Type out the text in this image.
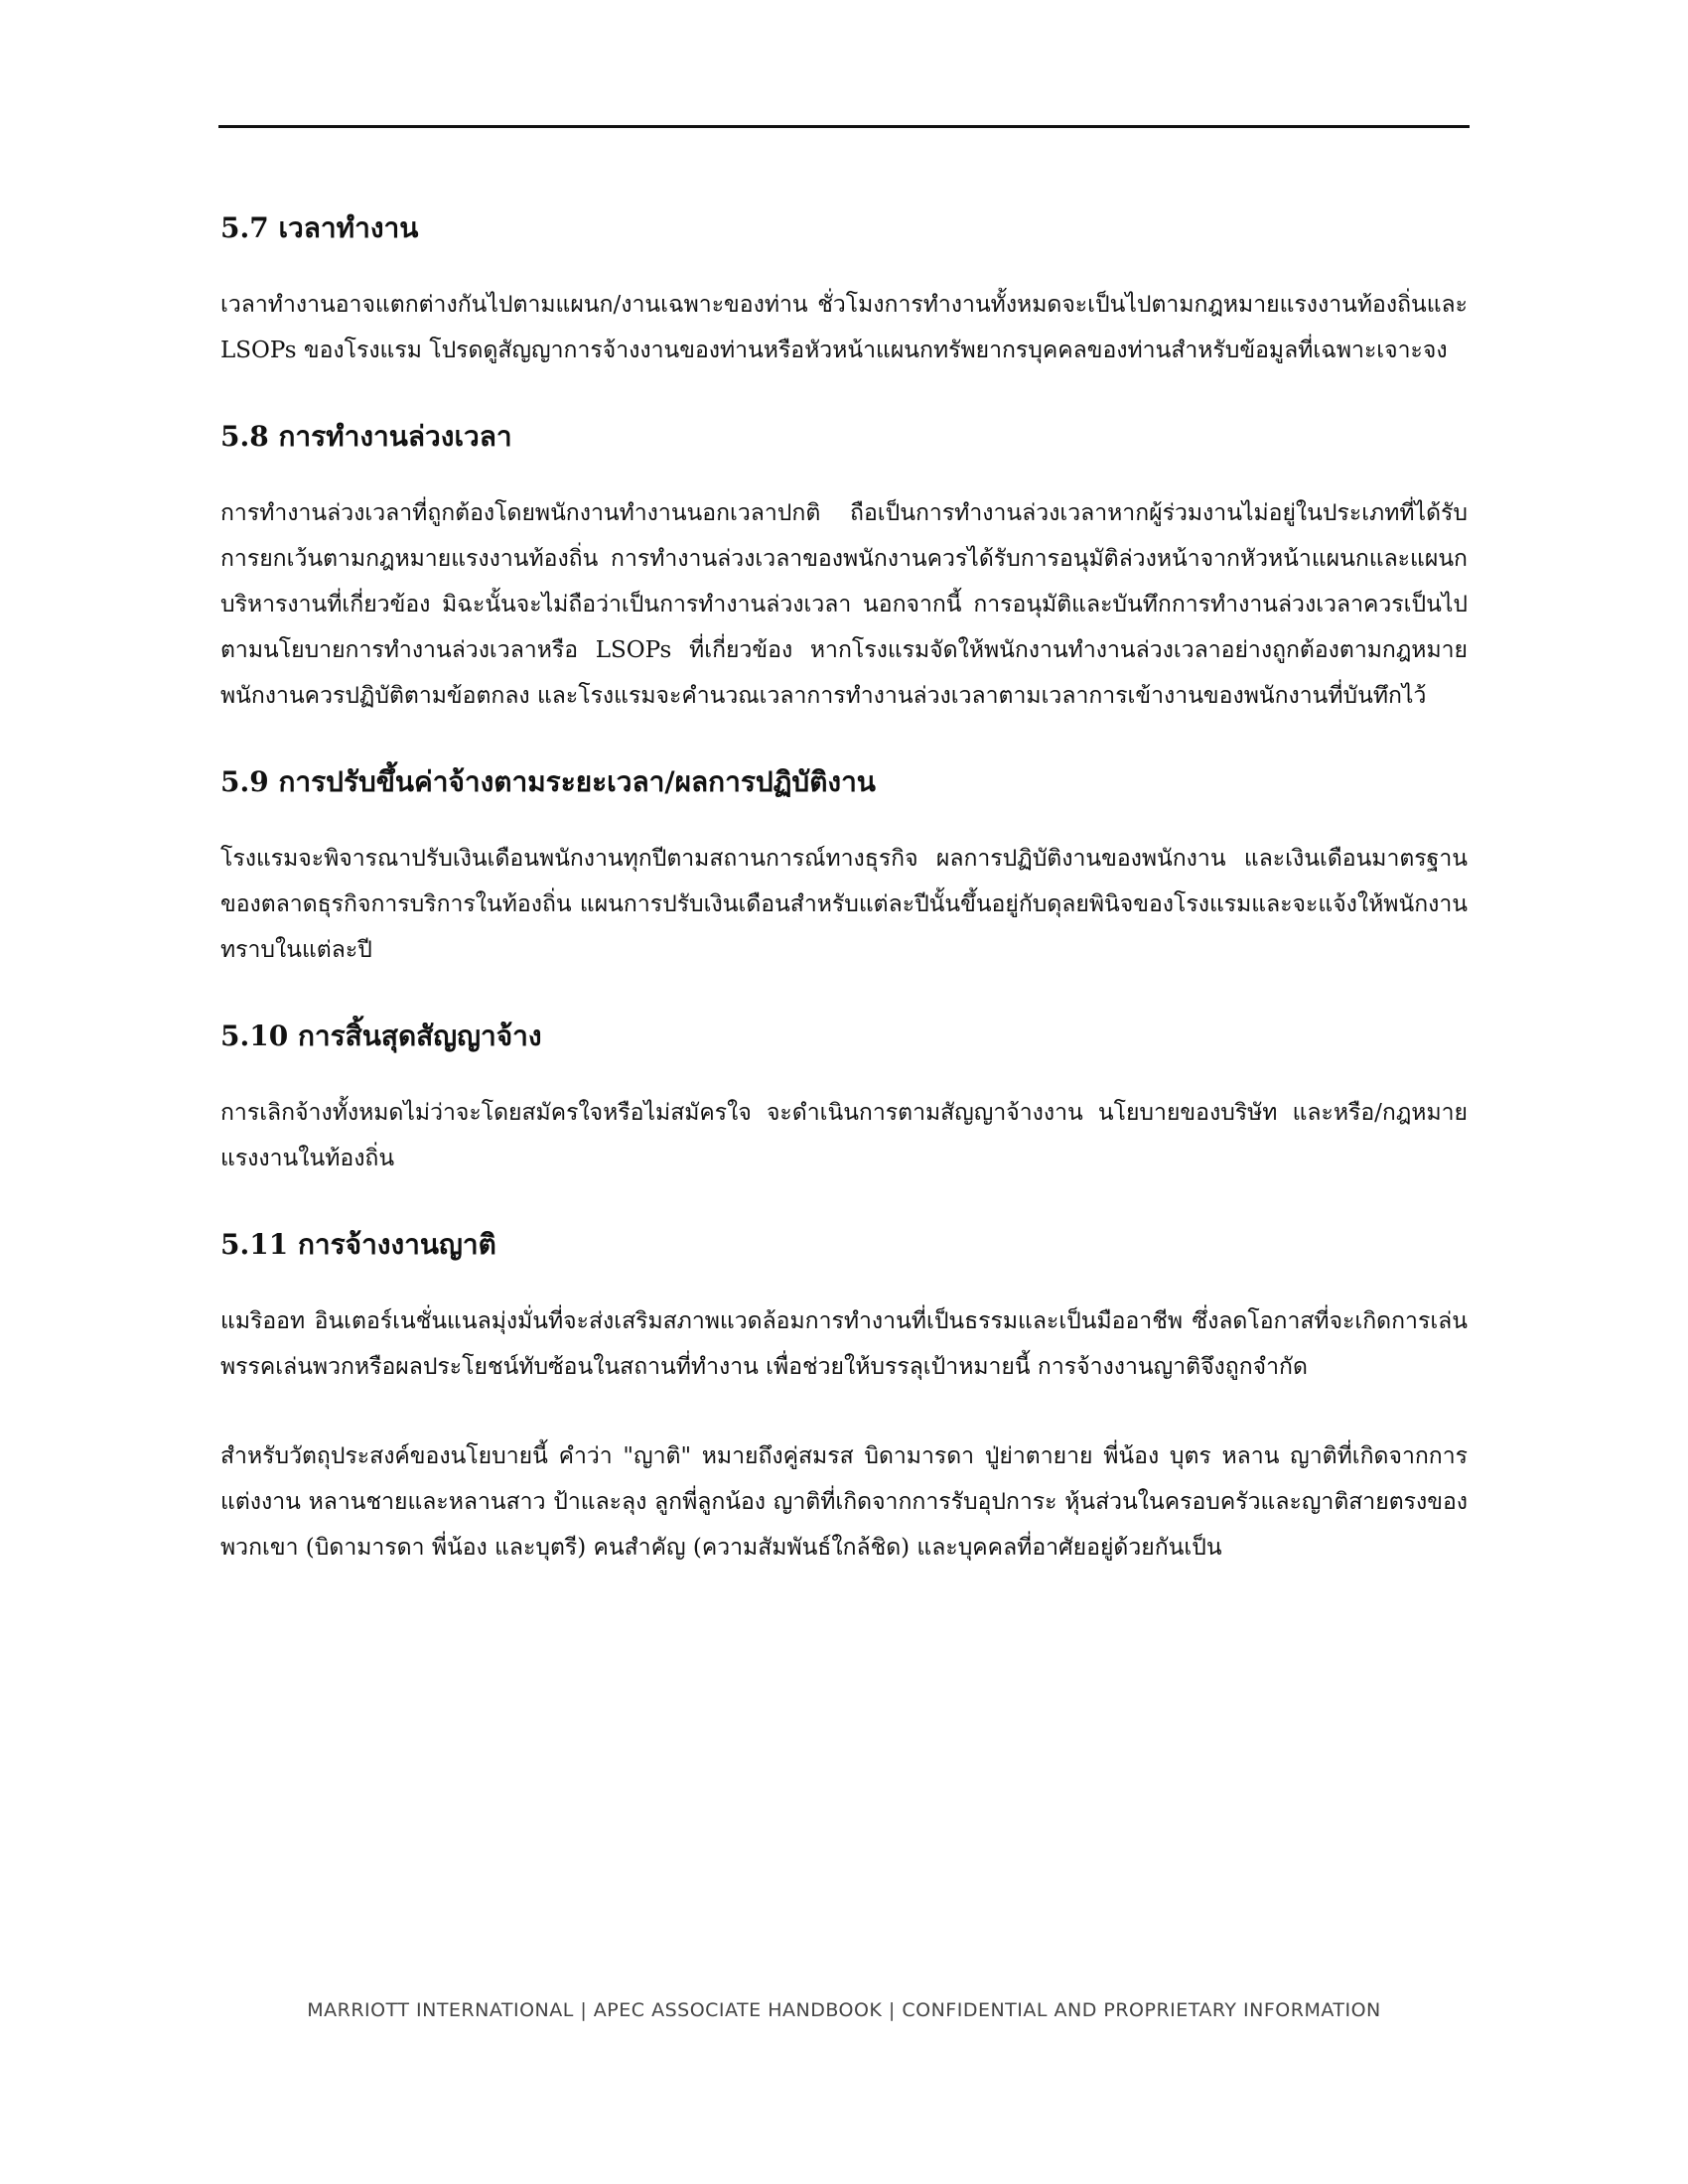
5.7 เวลาทำงาน

เวลาทำงานอาจแตกต่างกันไปตามแผนก/งานเฉพาะของท่าน ชั่วโมงการทำงานทั้งหมดจะเป็นไปตามกฎหมายแรงงานท้องถิ่นและ LSOPs ของโรงแรม โปรดดูสัญญาการจ้างงานของท่านหรือหัวหน้าแผนกทรัพยากรบุคคลของท่านสำหรับข้อมูลที่เฉพาะเจาะจง

5.8 การทำงานล่วงเวลา

การทำงานล่วงเวลาที่ถูกต้องโดยพนักงานทำงานนอกเวลาปกติ ถือเป็นการทำงานล่วงเวลาหากผู้ร่วมงานไม่อยู่ในประเภทที่ได้รับการยกเว้นตามกฎหมายแรงงานท้องถิ่น การทำงานล่วงเวลาของพนักงานควรได้รับการอนุมัติล่วงหน้าจากหัวหน้าแผนกและแผนกบริหารงานที่เกี่ยวข้อง มิฉะนั้นจะไม่ถือว่าเป็นการทำงานล่วงเวลา นอกจากนี้ การอนุมัติและบันทึกการทำงานล่วงเวลาควรเป็นไปตามนโยบายการทำงานล่วงเวลาหรือ LSOPs ที่เกี่ยวข้อง หากโรงแรมจัดให้พนักงานทำงานล่วงเวลาอย่างถูกต้องตามกฎหมาย พนักงานควรปฏิบัติตามข้อตกลง และโรงแรมจะคำนวณเวลาการทำงานล่วงเวลาตามเวลาการเข้างานของพนักงานที่บันทึกไว้

5.9 การปรับขึ้นค่าจ้างตามระยะเวลา/ผลการปฏิบัติงาน

โรงแรมจะพิจารณาปรับเงินเดือนพนักงานทุกปีตามสถานการณ์ทางธุรกิจ ผลการปฏิบัติงานของพนักงาน และเงินเดือนมาตรฐานของตลาดธุรกิจการบริการในท้องถิ่น แผนการปรับเงินเดือนสำหรับแต่ละปีนั้นขึ้นอยู่กับดุลยพินิจของโรงแรมและจะแจ้งให้พนักงานทราบในแต่ละปี

5.10 การสิ้นสุดสัญญาจ้าง

การเลิกจ้างทั้งหมดไม่ว่าจะโดยสมัครใจหรือไม่สมัครใจ จะดำเนินการตามสัญญาจ้างงาน นโยบายของบริษัท และหรือ/กฎหมายแรงงานในท้องถิ่น

5.11 การจ้างงานญาติ

แมริออท อินเตอร์เนชั่นแนลมุ่งมั่นที่จะส่งเสริมสภาพแวดล้อมการทำงานที่เป็นธรรมและเป็นมืออาชีพ ซึ่งลดโอกาสที่จะเกิดการเล่นพรรคเล่นพวกหรือผลประโยชน์ทับซ้อนในสถานที่ทำงาน เพื่อช่วยให้บรรลุเป้าหมายนี้ การจ้างงานญาติจึงถูกจำกัด

สำหรับวัตถุประสงค์ของนโยบายนี้ คำว่า "ญาติ" หมายถึงคู่สมรส บิดามารดา ปู่ย่าตายาย พี่น้อง บุตร หลาน ญาติที่เกิดจากการแต่งงาน หลานชายและหลานสาว ป้าและลุง ลูกพี่ลูกน้อง ญาติที่เกิดจากการรับอุปการะ หุ้นส่วนในครอบครัวและญาติสายตรงของพวกเขา (บิดามารดา พี่น้อง และบุตรี) คนสำคัญ (ความสัมพันธ์ใกล้ชิด) และบุคคลที่อาศัยอยู่ด้วยกันเป็น

MARRIOTT INTERNATIONAL | APEC ASSOCIATE HANDBOOK | CONFIDENTIAL AND PROPRIETARY INFORMATION
